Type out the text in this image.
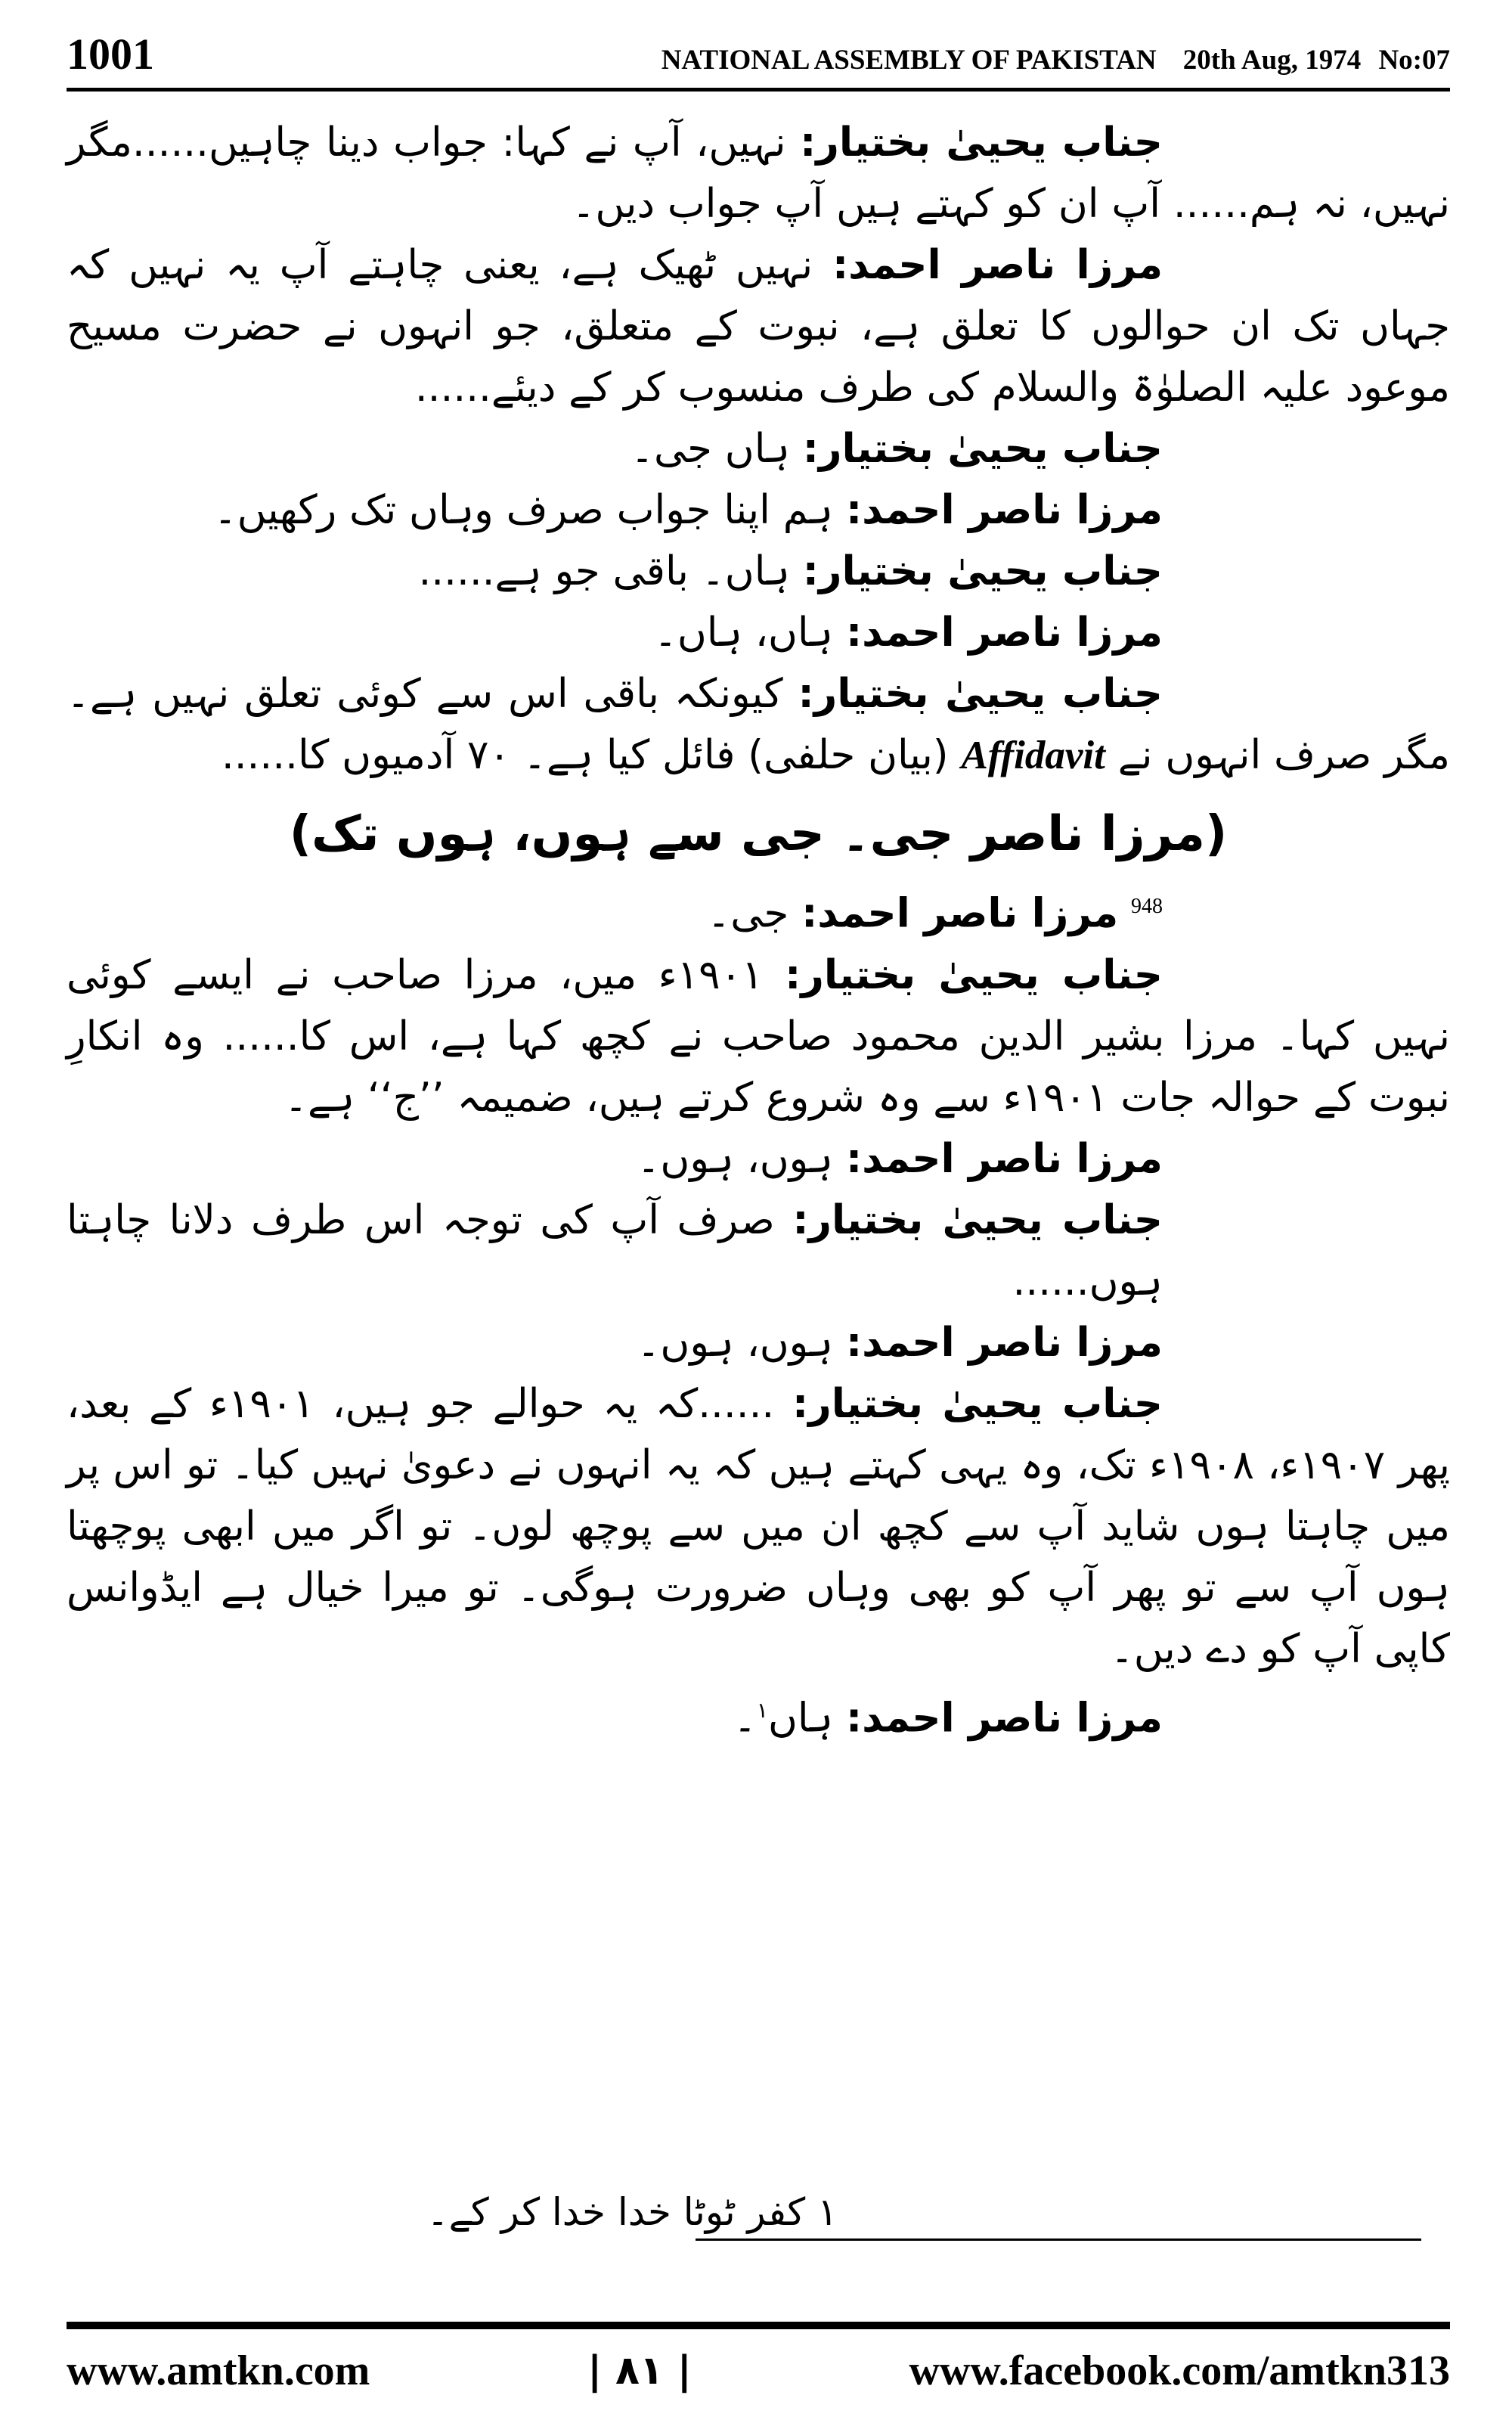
1001	NATIONAL ASSEMBLY OF PAKISTAN 20th Aug, 1974 No:07

جناب یحییٰ بختیار: نہیں، آپ نے کہا: جواب دینا چاہیں......مگر نہیں، نہ ہم...... آپ ان کو کہتے ہیں آپ جواب دیں۔

مرزا ناصر احمد: نہیں ٹھیک ہے، یعنی چاہتے آپ یہ نہیں کہ جہاں تک ان حوالوں کا تعلق ہے، نبوت کے متعلق، جو انہوں نے حضرت مسیح موعود علیہ الصلوٰۃ والسلام کی طرف منسوب کر کے دیئے......

جناب یحییٰ بختیار: ہاں جی۔

مرزا ناصر احمد: ہم اپنا جواب صرف وہاں تک رکھیں۔

جناب یحییٰ بختیار: ہاں۔ باقی جو ہے......

مرزا ناصر احمد: ہاں، ہاں۔

جناب یحییٰ بختیار: کیونکہ باقی اس سے کوئی تعلق نہیں ہے۔ مگر صرف انہوں نے Affidavit (بیان حلفی) فائل کیا ہے۔ ۷۰ آدمیوں کا......

(مرزا ناصر جی۔ جی سے ہوں، ہوں تک)

$^{948}$ مرزا ناصر احمد: جی۔

جناب یحییٰ بختیار: ۱۹۰۱ء میں، مرزا صاحب نے ایسے کوئی نہیں کہا۔ مرزا بشیر الدین محمود صاحب نے کچھ کہا ہے، اس کا...... وہ انکارِ نبوت کے حوالہ جات ۱۹۰۱ء سے وہ شروع کرتے ہیں، ضمیمہ ’’ج‘‘ ہے۔

مرزا ناصر احمد: ہوں، ہوں۔

جناب یحییٰ بختیار: صرف آپ کی توجہ اس طرف دلانا چاہتا ہوں......

مرزا ناصر احمد: ہوں، ہوں۔

جناب یحییٰ بختیار: ......کہ یہ حوالے جو ہیں، ۱۹۰۱ء کے بعد، پھر ۱۹۰۷ء، ۱۹۰۸ء تک، وہ یہی کہتے ہیں کہ یہ انہوں نے دعویٰ نہیں کیا۔ تو اس پر میں چاہتا ہوں شاید آپ سے کچھ ان میں سے پوچھ لوں۔ تو اگر میں ابھی پوچھتا ہوں آپ سے تو پھر آپ کو بھی وہاں ضرورت ہوگی۔ تو میرا خیال ہے ایڈوانس کاپی آپ کو دے دیں۔

مرزا ناصر احمد: ہاں$^۱$۔

۱ کفر ٹوٹا خدا خدا کر کے۔
www.amtkn.com	| ۸۱ |	www.facebook.com/amtkn313
